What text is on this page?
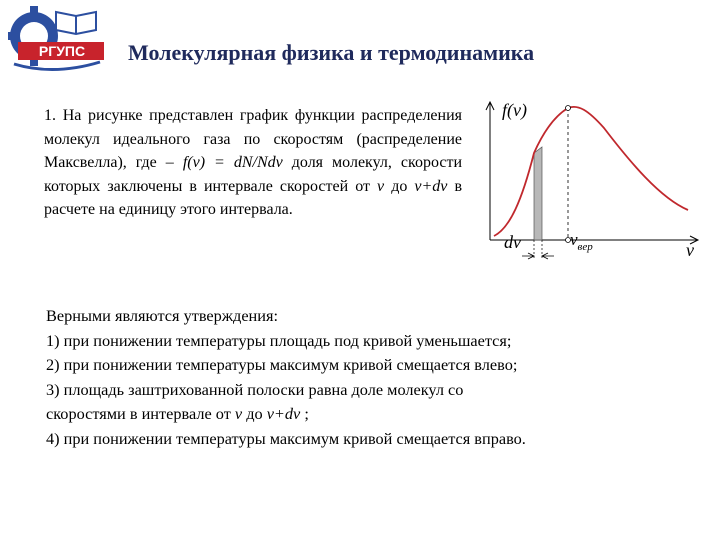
РГУПС Молекулярная физика и термодинамика
1. На рисунке представлен график функции распределения молекул идеального газа по скоростям (распределение Максвелла), где – f(v) = dN/Ndv доля молекул, скорости которых заключены в интервале скоростей от v до v+dv в расчете на единицу этого интервала.
f(v)
v
dv	$v_{вер}$
Верными являются утверждения:
1) при понижении температуры площадь под кривой уменьшается;
2) при понижении температуры максимум кривой смещается влево;
3) площадь заштрихованной полоски равна доле молекул со
скоростями в интервале от v до v+dv ;
4) при понижении температуры максимум кривой смещается вправо.
